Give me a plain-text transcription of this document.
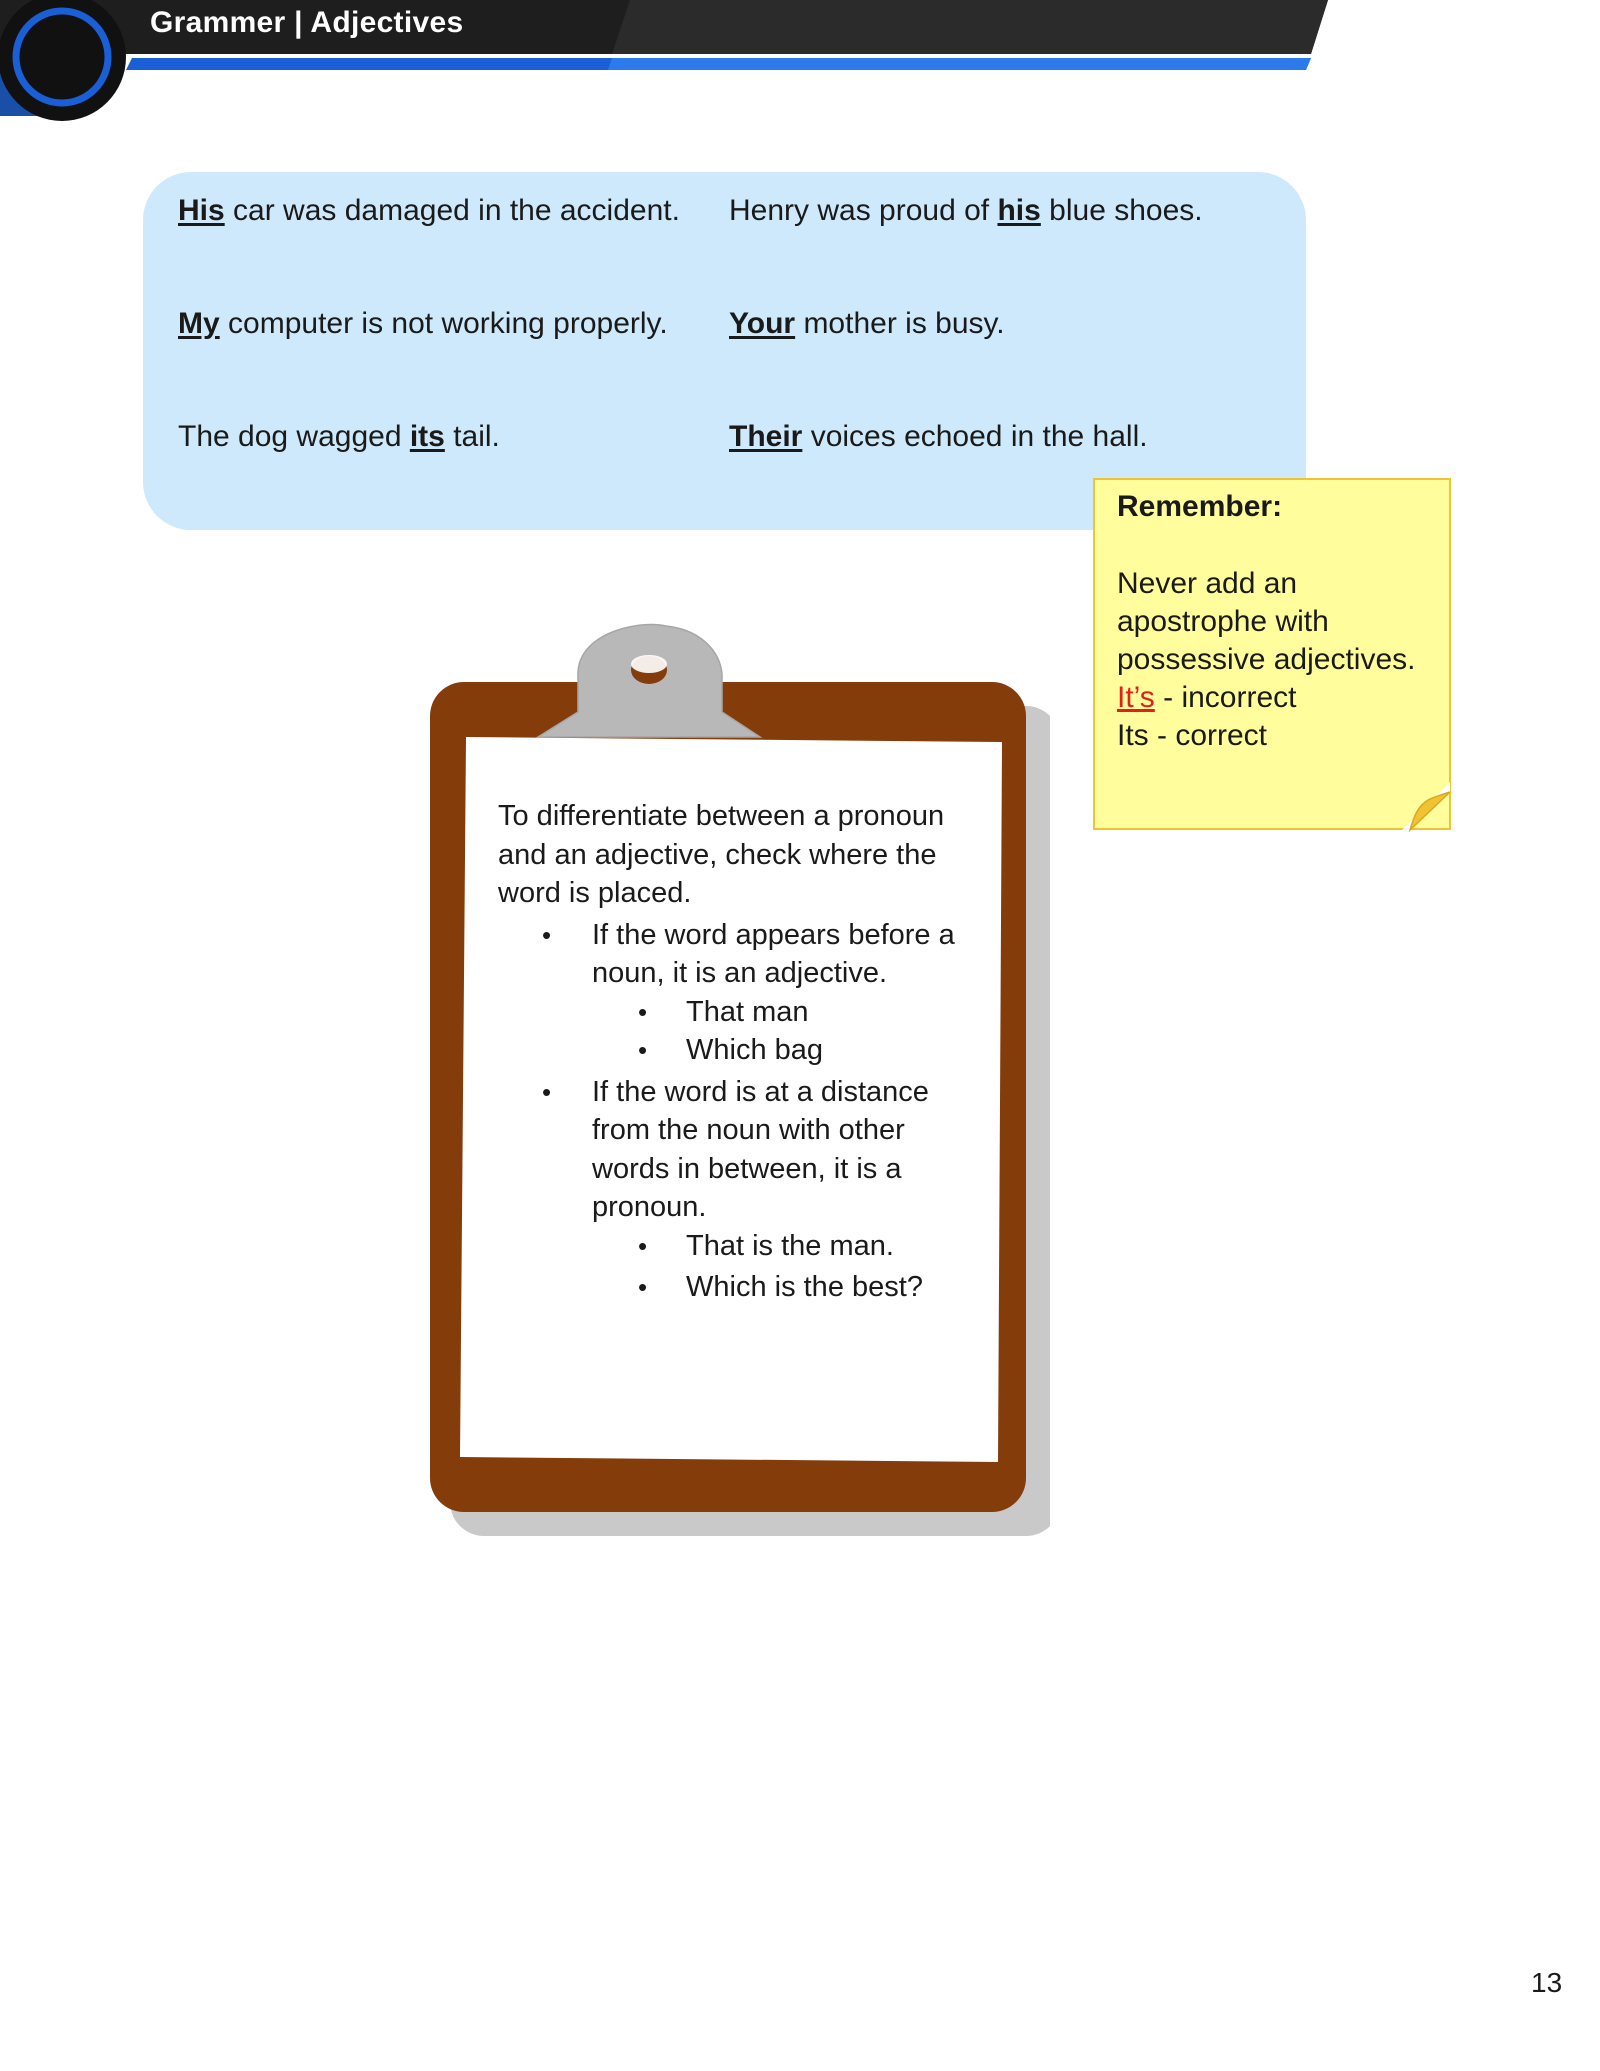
Grammer | Adjectives
His car was damaged in the accident. Henry was proud of his blue shoes.
My computer is not working properly. Your mother is busy.
The dog wagged its tail.	Their voices echoed in the hall.
Remember:
Never add an apostrophe with possessive adjectives.
It’s - incorrect
Its - correct

To differentiate between a pronoun and an adjective, check where the word is placed.

• If the word appears before a noun, it is an adjective.
• That man
• Which bag
• If the word is at a distance from the noun with other words in between, it is a pronoun.
• That is the man.
• Which is the best?
13
